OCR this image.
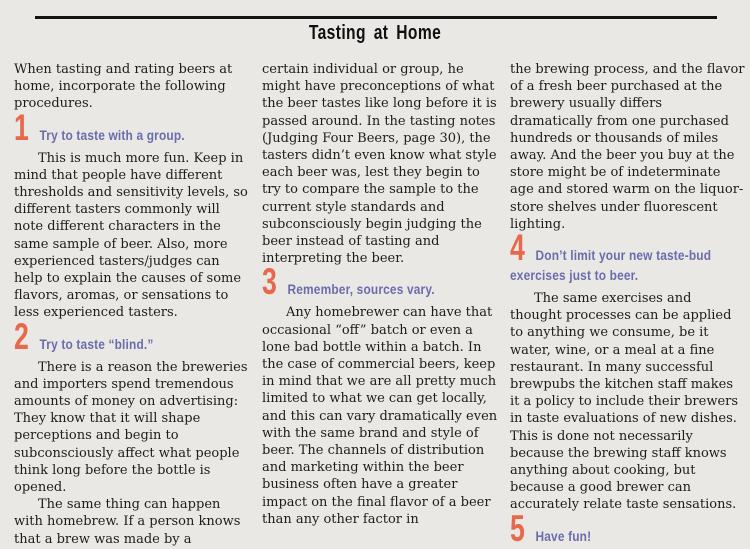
Tasting at Home

When tasting and rating beers at home, incorporate the following procedures.

1 Try to taste with a group.

This is much more fun. Keep in mind that people have different thresholds and sensitivity levels, so different tasters commonly will note different characters in the same sample of beer. Also, more experienced tasters/judges can help to explain the causes of some flavors, aromas, or sensations to less experienced tasters.

2 Try to taste “blind.”

There is a reason the breweries and importers spend tremendous amounts of money on advertising: They know that it will shape perceptions and begin to subconsciously affect what people think long before the bottle is opened.

The same thing can happen with homebrew. If a person knows that a brew was made by a

certain individual or group, he might have preconceptions of what the beer tastes like long before it is passed around. In the tasting notes (Judging Four Beers, page 30), the tasters didn’t even know what style each beer was, lest they begin to try to compare the sample to the current style standards and subconsciously begin judging the beer instead of tasting and interpreting the beer.

3 Remember, sources vary.

Any homebrewer can have that occasional “off” batch or even a lone bad bottle within a batch. In the case of commercial beers, keep in mind that we are all pretty much limited to what we can get locally, and this can vary dramatically even with the same brand and style of beer. The channels of distribution and marketing within the beer business often have a greater impact on the final flavor of a beer than any other factor in

the brewing process, and the flavor of a fresh beer purchased at the brewery usually differs dramatically from one purchased hundreds or thousands of miles away. And the beer you buy at the store might be of indeterminate age and stored warm on the liquor-store shelves under fluorescent lighting.

4 Don’t limit your new taste-bud exercises just to beer.

The same exercises and thought processes can be applied to anything we consume, be it water, wine, or a meal at a fine restaurant. In many successful brewpubs the kitchen staff makes it a policy to include their brewers in taste evaluations of new dishes. This is done not necessarily because the brewing staff knows anything about cooking, but because a good brewer can accurately relate taste sensations.

5 Have fun!
